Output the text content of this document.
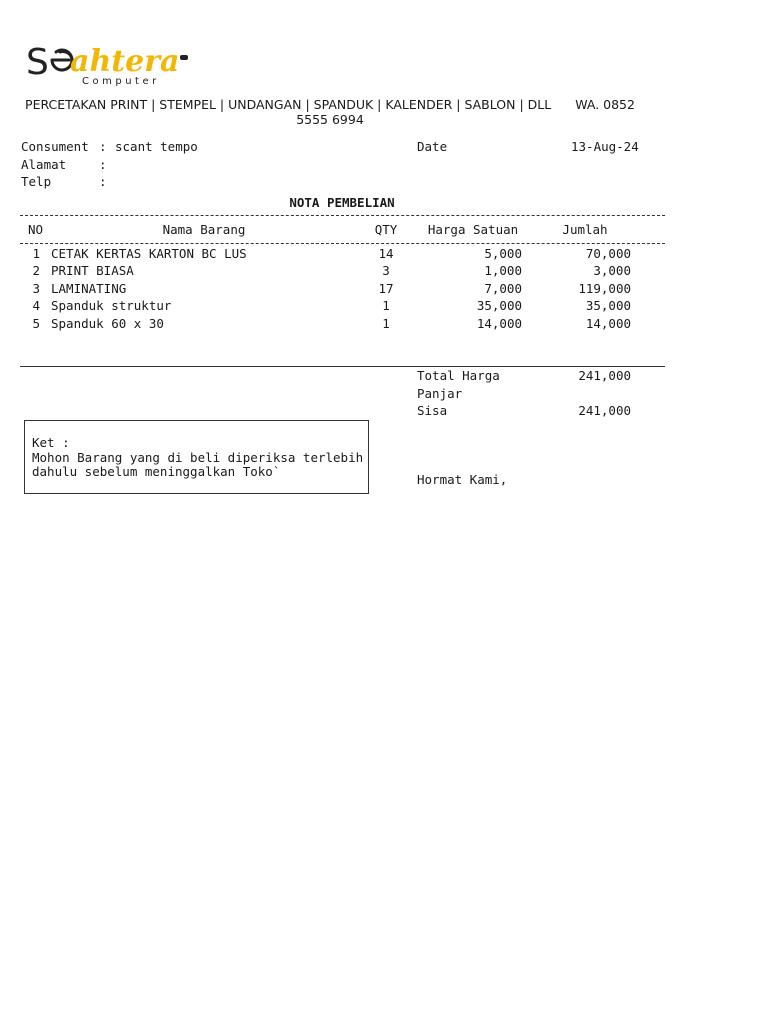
S ahtera
Computer
PERCETAKAN PRINT | STEMPEL | UNDANGAN | SPANDUK | KALENDER | SABLON | DLL WA. 0852 5555 6994
Consument : scant tempo
Alamat	:
Telp	:
Date	13-Aug-24
NOTA PEMBELIAN
NO	Nama Barang	QTY	Harga Satuan	Jumlah
1 CETAK KERTAS KARTON BC LUS	14	5,000	70,000
2 PRINT BIASA	3	1,000	3,000
3 LAMINATING	17	7,000	119,000
4 Spanduk struktur	1	35,000	35,000
5 Spanduk 60 x 30	1	14,000	14,000
Total Harga	241,000
Panjar
Sisa	241,000
Ket :
Mohon Barang yang di beli diperiksa terlebih
dahulu sebelum meninggalkan Toko`
Hormat Kami,
